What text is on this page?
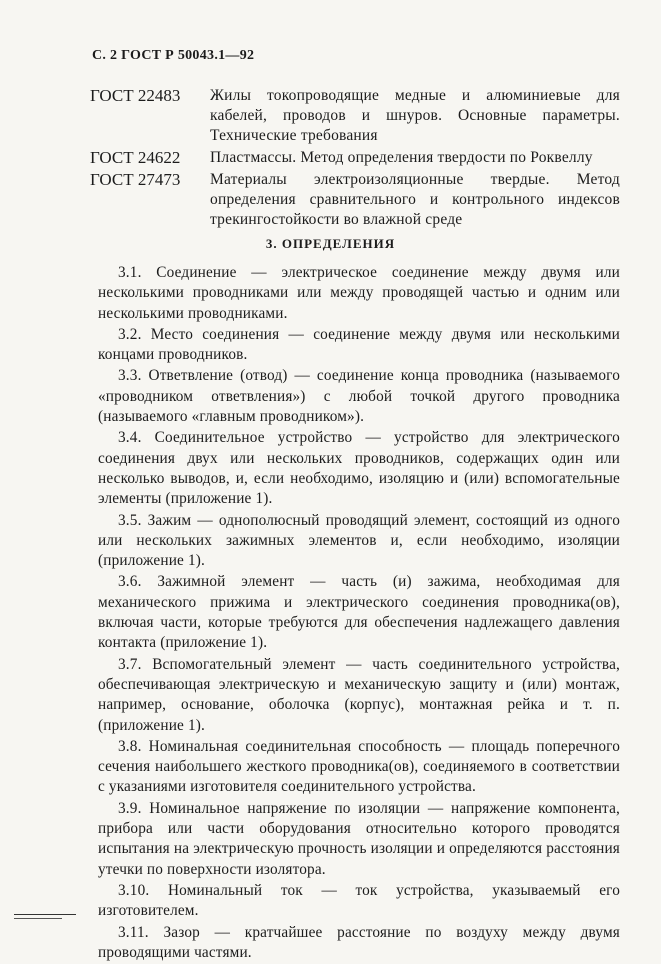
С. 2 ГОСТ Р 50043.1—92
ГОСТ 22483	Жилы токопроводящие медные и алюминиевые для кабелей, проводов и шнуров. Основные параметры. Технические требования
ГОСТ 24622	Пластмассы. Метод определения твердости по Роквеллу
ГОСТ 27473	Материалы электроизоляционные твердые. Метод определения сравнительного и контрольного индексов трекингостойкости во влажной среде
3. ОПРЕДЕЛЕНИЯ

3.1. Соединение — электрическое соединение между двумя или несколькими проводниками или между проводящей частью и одним или несколькими проводниками.

3.2. Место соединения — соединение между двумя или несколькими концами проводников.

3.3. Ответвление (отвод) — соединение конца проводника (называемого «проводником ответвления») с любой точкой другого проводника (называемого «главным проводником»).

3.4. Соединительное устройство — устройство для электрического соединения двух или нескольких проводников, содержащих один или несколько выводов, и, если необходимо, изоляцию и (или) вспомогательные элементы (приложение 1).

3.5. Зажим — однополюсный проводящий элемент, состоящий из одного или нескольких зажимных элементов и, если необходимо, изоляции (приложение 1).

3.6. Зажимной элемент — часть (и) зажима, необходимая для механического прижима и электрического соединения проводника(ов), включая части, которые требуются для обеспечения надлежащего давления контакта (приложение 1).

3.7. Вспомогательный элемент — часть соединительного устройства, обеспечивающая электрическую и механическую защиту и (или) монтаж, например, основание, оболочка (корпус), монтажная рейка и т. п. (приложение 1).

3.8. Номинальная соединительная способность — площадь поперечного сечения наибольшего жесткого проводника(ов), соединяемого в соответствии с указаниями изготовителя соединительного устройства.

3.9. Номинальное напряжение по изоляции — напряжение компонента, прибора или части оборудования относительно которого проводятся испытания на электрическую прочность изоляции и определяются расстояния утечки по поверхности изолятора.

3.10. Номинальный ток — ток устройства, указываемый его изготовителем.

3.11. Зазор — кратчайшее расстояние по воздуху между двумя проводящими частями.
